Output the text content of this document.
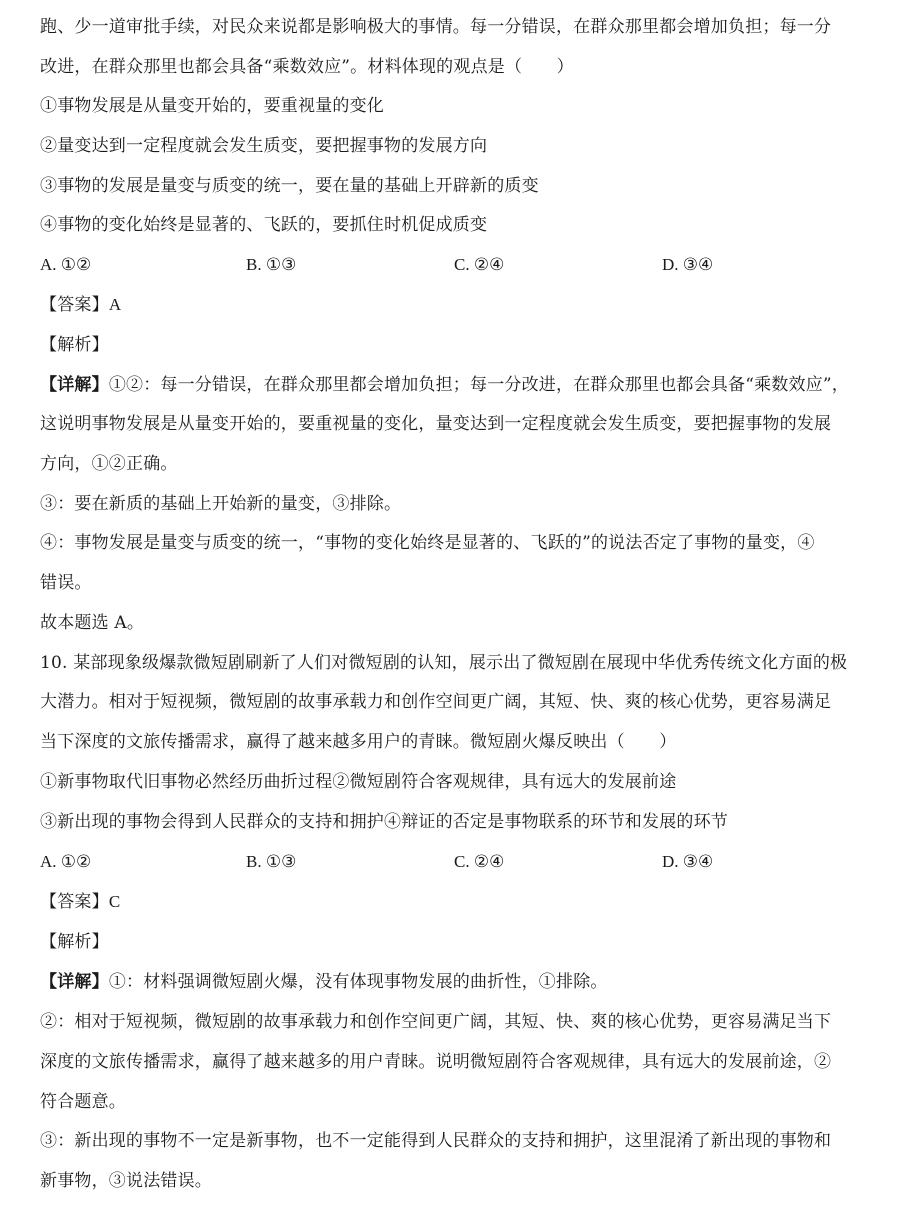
跑、少一道审批手续，对民众来说都是影响极大的事情。每一分错误，在群众那里都会增加负担；每一分
改进，在群众那里也都会具备“乘数效应”。材料体现的观点是（　　）
①事物发展是从量变开始的，要重视量的变化
②量变达到一定程度就会发生质变，要把握事物的发展方向
③事物的发展是量变与质变的统一，要在量的基础上开辟新的质变
④事物的变化始终是显著的、飞跃的，要抓住时机促成质变
A. ①②	B. ①③	C. ②④	D. ③④
【答案】A
【解析】
【详解】①②：每一分错误，在群众那里都会增加负担；每一分改进，在群众那里也都会具备“乘数效应”，
这说明事物发展是从量变开始的，要重视量的变化，量变达到一定程度就会发生质变，要把握事物的发展
方向，①②正确。
③：要在新质的基础上开始新的量变，③排除。
④：事物发展是量变与质变的统一，“事物的变化始终是显著的、飞跃的”的说法否定了事物的量变，④
错误。
故本题选 A。
10. 某部现象级爆款微短剧刷新了人们对微短剧的认知，展示出了微短剧在展现中华优秀传统文化方面的极
大潜力。相对于短视频，微短剧的故事承载力和创作空间更广阔，其短、快、爽的核心优势，更容易满足
当下深度的文旅传播需求，赢得了越来越多用户的青睐。微短剧火爆反映出（　　）
①新事物取代旧事物必然经历曲折过程②微短剧符合客观规律，具有远大的发展前途
③新出现的事物会得到人民群众的支持和拥护④辩证的否定是事物联系的环节和发展的环节
A. ①②	B. ①③	C. ②④	D. ③④
【答案】C
【解析】
【详解】①：材料强调微短剧火爆，没有体现事物发展的曲折性，①排除。
②：相对于短视频，微短剧的故事承载力和创作空间更广阔，其短、快、爽的核心优势，更容易满足当下
深度的文旅传播需求，赢得了越来越多的用户青睐。说明微短剧符合客观规律，具有远大的发展前途，②
符合题意。
③：新出现的事物不一定是新事物，也不一定能得到人民群众的支持和拥护，这里混淆了新出现的事物和
新事物，③说法错误。
